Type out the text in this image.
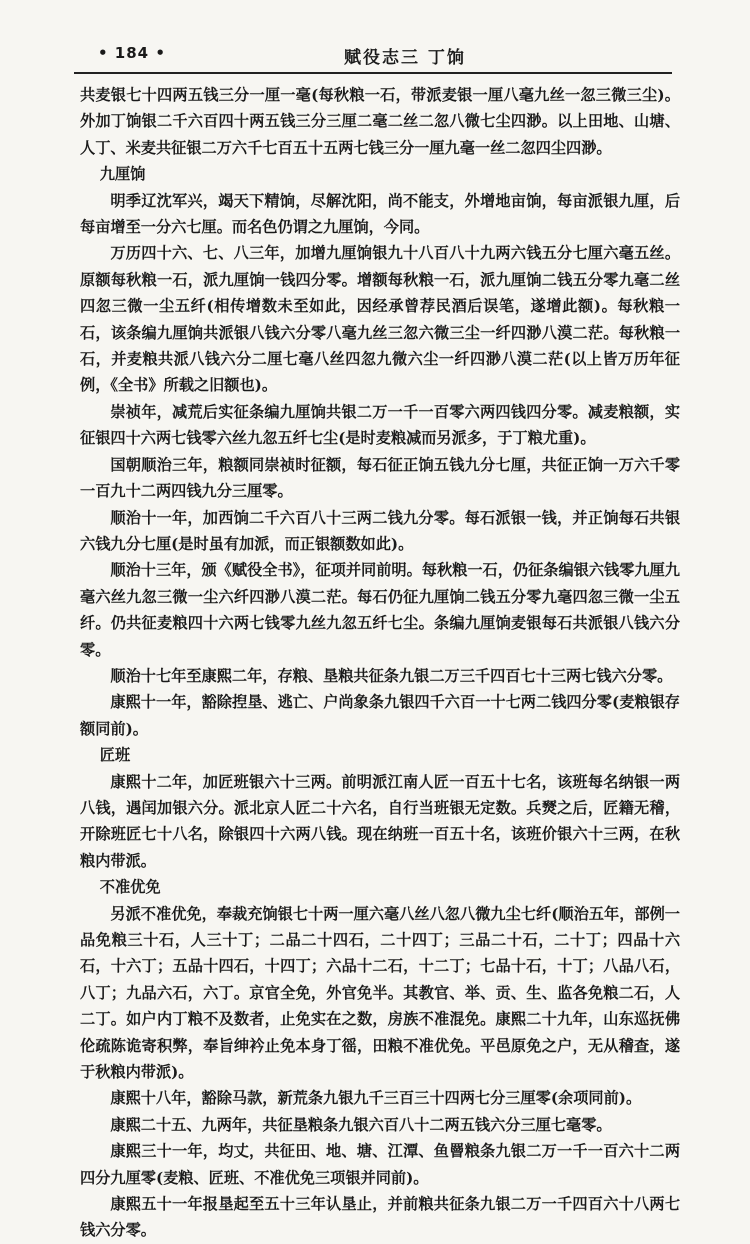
• 184 •	赋役志三 丁饷

共麦银七十四两五钱三分一厘一毫(每秋粮一石，带派麦银一厘八毫九丝一忽三微三尘)。外加丁饷银二千六百四十两五钱三分三厘二毫二丝二忽八微七尘四渺。以上田地、山塘、人丁、米麦共征银二万六千七百五十五两七钱三分一厘九毫一丝二忽四尘四渺。

九厘饷

明季辽沈军兴，竭天下精饷，尽解沈阳，尚不能支，外增地亩饷，每亩派银九厘，后每亩增至一分六七厘。而名色仍谓之九厘饷，今同。

万历四十六、七、八三年，加增九厘饷银九十八百八十九两六钱五分七厘六毫五丝。原额每秋粮一石，派九厘饷一钱四分零。增额每秋粮一石，派九厘饷二钱五分零九毫二丝四忽三微一尘五纤(相传增数未至如此，因经承曾荐民酒后误笔，遂增此额)。每秋粮一石，该条编九厘饷共派银八钱六分零八毫九丝三忽六微三尘一纤四渺八漠二茫。每秋粮一石，并麦粮共派八钱六分二厘七毫八丝四忽九微六尘一纤四渺八漠二茫(以上皆万历年征例，《全书》所载之旧额也)。

崇祯年，减荒后实征条编九厘饷共银二万一千一百零六两四钱四分零。减麦粮额，实征银四十六两七钱零六丝九忽五纤七尘(是时麦粮减而另派多，于丁粮尤重)。

国朝顺治三年，粮额同崇祯时征额，每石征正饷五钱九分七厘，共征正饷一万六千零一百九十二两四钱九分三厘零。

顺治十一年，加西饷二千六百八十三两二钱九分零。每石派银一钱，并正饷每石共银六钱九分七厘(是时虽有加派，而正银额数如此)。

顺治十三年，颁《赋役全书》，征项并同前明。每秋粮一石，仍征条编银六钱零九厘九毫六丝九忽三微一尘六纤四渺八漠二茫。每石仍征九厘饷二钱五分零九毫四忽三微一尘五纤。仍共征麦粮四十六两七钱零九丝九忽五纤七尘。条编九厘饷麦银每石共派银八钱六分零。

顺治十七年至康熙二年，存粮、垦粮共征条九银二万三千四百七十三两七钱六分零。

康熙十一年，豁除揑垦、逃亡、户尚象条九银四千六百一十七两二钱四分零(麦粮银存额同前)。

匠班

康熙十二年，加匠班银六十三两。前明派江南人匠一百五十七名，该班每名纳银一两八钱，遇闰加银六分。派北京人匠二十六名，自行当班银无定数。兵燹之后，匠籍无稽，开除班匠七十八名，除银四十六两八钱。现在纳班一百五十名，该班价银六十三两，在秋粮内带派。

不准优免

另派不准优免，奉裁充饷银七十两一厘六毫八丝八忽八微九尘七纤(顺治五年，部例一品免粮三十石，人三十丁；二品二十四石，二十四丁；三品二十石，二十丁；四品十六石，十六丁；五品十四石，十四丁；六品十二石，十二丁；七品十石，十丁；八品八石，八丁；九品六石，六丁。京官全免，外官免半。其教官、举、贡、生、监各免粮二石，人二丁。如户内丁粮不及数者，止免实在之数，房族不准混免。康熙二十九年，山东巡抚佛伦疏陈诡寄积弊，奉旨绅衿止免本身丁徭，田粮不准优免。平邑原免之户，无从稽查，遂于秋粮内带派)。

康熙十八年，豁除马款，新荒条九银九千三百三十四两七分三厘零(余项同前)。

康熙二十五、九两年，共征垦粮条九银六百八十二两五钱六分三厘七毫零。

康熙三十一年，均丈，共征田、地、塘、江潭、鱼罾粮条九银二万一千一百六十二两四分九厘零(麦粮、匠班、不准优免三项银并同前)。

康熙五十一年报垦起至五十三年认垦止，并前粮共征条九银二万一千四百六十八两七钱六分零。
